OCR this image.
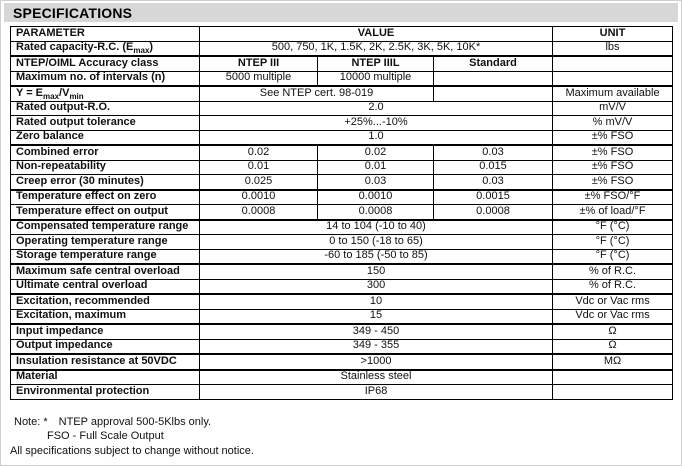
SPECIFICATIONS
PARAMETER	VALUE			UNIT
Rated capacity-R.C. $(E_{max})$	500, 750, 1K, 1.5K, 2K, 2.5K, 3K, 5K, 10K*			lbs
NTEP/OIML Accuracy class	NTEP III	NTEP IIIL	Standard	
Maximum no. of intervals (n)	5000 multiple	10000 multiple		
$Y = E_{max}/V_{min}$	See NTEP cert. 98-019			Maximum available
Rated output-R.O.	2.0			mV/V
Rated output tolerance	+25%...-10%			% mV/V
Zero balance	1.0			±% FSO
Combined error	0.02	0.02	0.03	±% FSO
Non-repeatability	0.01	0.01	0.015	±% FSO
Creep error (30 minutes)	0.025	0.03	0.03	±% FSO
Temperature effect on zero	0.0010	0.0010	0.0015	±% FSO/°F
Temperature effect on output	0.0008	0.0008	0.0008	±% of load/°F
Compensated temperature range	14 to 104 (-10 to 40)			°F (°C)
Operating temperature range	0 to 150 (-18 to 65)			°F (°C)
Storage temperature range	-60 to 185 (-50 to 85)			°F (°C)
Maximum safe central overload	150			% of R.C.
Ultimate central overload	300			% of R.C.
Excitation, recommended	10			Vdc or Vac rms
Excitation, maximum	15			Vdc or Vac rms
Input impedance	349 - 450			Ω
Output impedance	349 - 355			Ω
Insulation resistance at 50VDC	>1000			MΩ
Material	Stainless steel			
Environmental protection	IP68			
Note: * NTEP approval 500-5Klbs only.
FSO - Full Scale Output
All specifications subject to change without notice.
